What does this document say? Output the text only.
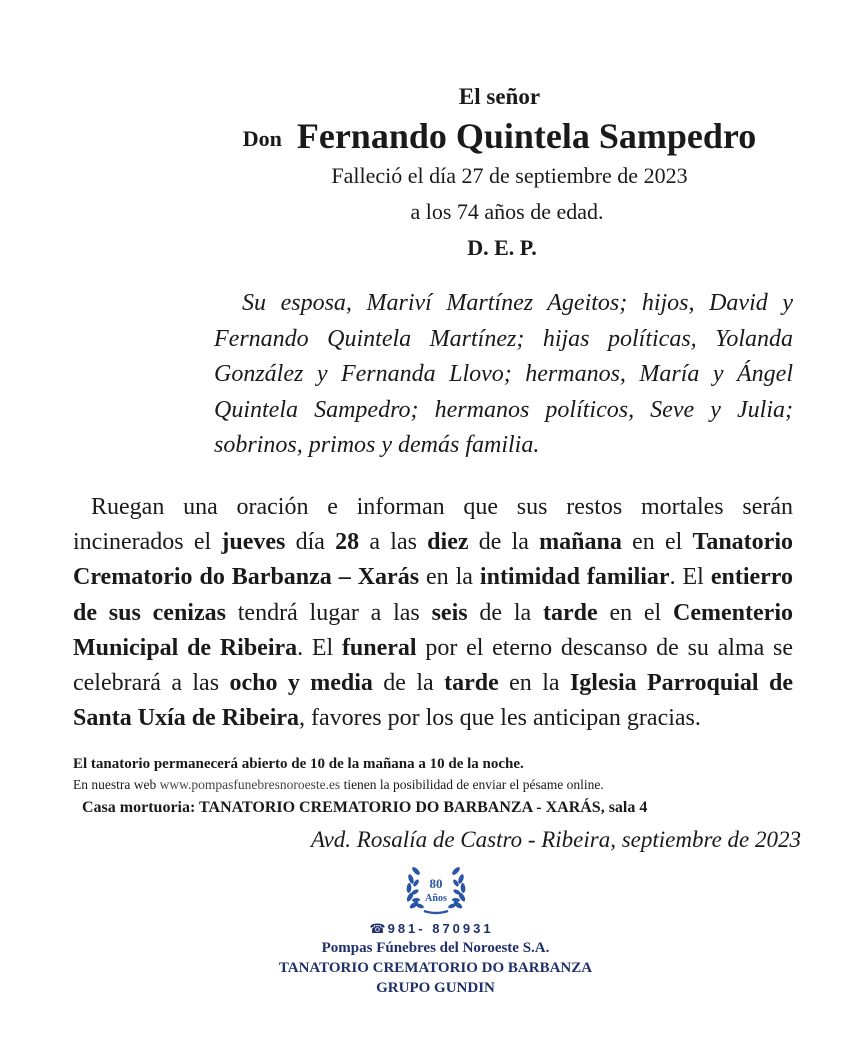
El señor
Don Fernando Quintela Sampedro
Falleció el día 27 de septiembre de 2023
a los 74 años de edad.
D. E. P.
Su esposa, Mariví Martínez Ageitos; hijos, David y Fernando Quintela Martínez; hijas políticas, Yolanda González y Fernanda Llovo; hermanos, María y Ángel Quintela Sampedro; hermanos políticos, Seve y Julia; sobrinos, primos y demás familia.
Ruegan una oración e informan que sus restos mortales serán incinerados el jueves día 28 a las diez de la mañana en el Tanatorio Crematorio do Barbanza – Xarás en la intimidad familiar. El entierro de sus cenizas tendrá lugar a las seis de la tarde en el Cementerio Municipal de Ribeira. El funeral por el eterno descanso de su alma se celebrará a las ocho y media de la tarde en la Iglesia Parroquial de Santa Uxía de Ribeira, favores por los que les anticipan gracias.
El tanatorio permanecerá abierto de 10 de la mañana a 10 de la noche.
En nuestra web www.pompasfunebresnoroeste.es tienen la posibilidad de enviar el pésame online.
Casa mortuoria: TANATORIO CREMATORIO DO BARBANZA - XARÁS, sala 4
Avd. Rosalía de Castro - Ribeira, septiembre de 2023
80
Años
☎ 981- 870931
Pompas Fúnebres del Noroeste S.A.
TANATORIO CREMATORIO DO BARBANZA
GRUPO GUNDIN
